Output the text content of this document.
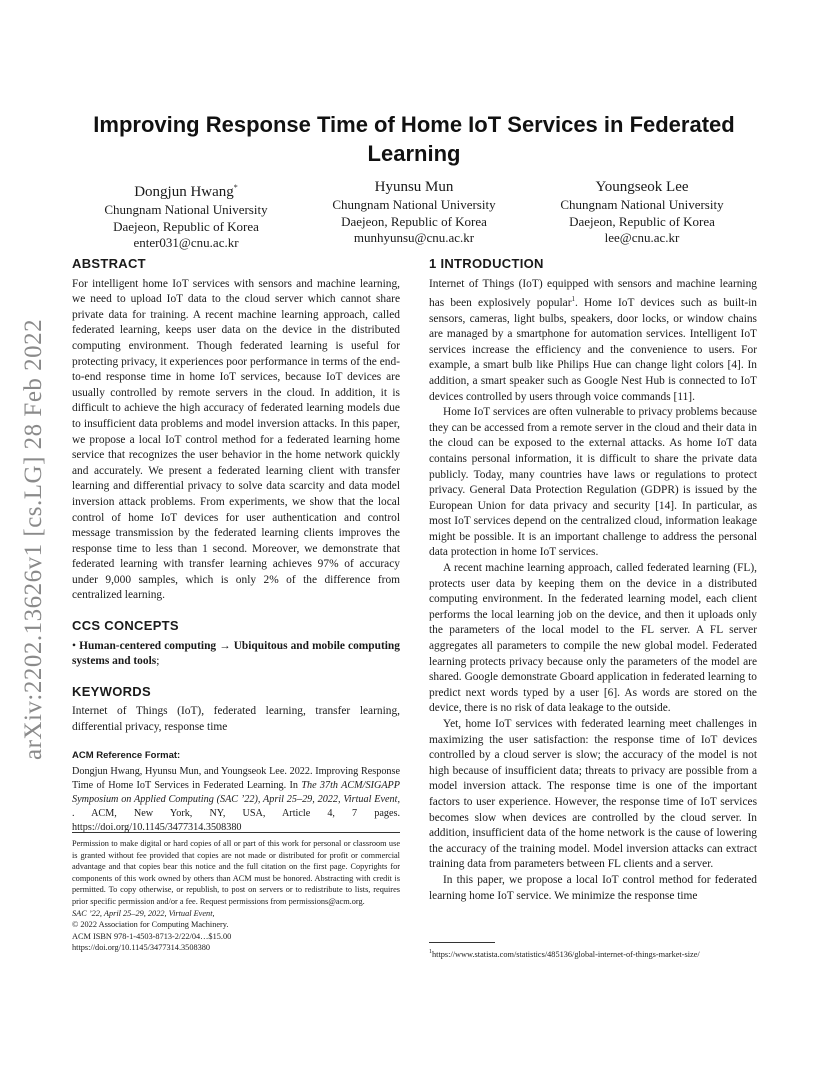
arXiv:2202.13626v1 [cs.LG] 28 Feb 2022
Improving Response Time of Home IoT Services in Federated Learning
Dongjun Hwang*
Chungnam National University
Daejeon, Republic of Korea
enter031@cnu.ac.kr
Hyunsu Mun
Chungnam National University
Daejeon, Republic of Korea
munhyunsu@cnu.ac.kr
Youngseok Lee
Chungnam National University
Daejeon, Republic of Korea
lee@cnu.ac.kr
ABSTRACT

For intelligent home IoT services with sensors and machine learning, we need to upload IoT data to the cloud server which cannot share private data for training. A recent machine learning approach, called federated learning, keeps user data on the device in the distributed computing environment. Though federated learning is useful for protecting privacy, it experiences poor performance in terms of the end-to-end response time in home IoT services, because IoT devices are usually controlled by remote servers in the cloud. In addition, it is difficult to achieve the high accuracy of federated learning models due to insufficient data problems and model inversion attacks. In this paper, we propose a local IoT control method for a federated learning home service that recognizes the user behavior in the home network quickly and accurately. We present a federated learning client with transfer learning and differential privacy to solve data scarcity and data model inversion attack problems. From experiments, we show that the local control of home IoT devices for user authentication and control message transmission by the federated learning clients improves the response time to less than 1 second. Moreover, we demonstrate that federated learning with transfer learning achieves 97% of accuracy under 9,000 samples, which is only 2% of the difference from centralized learning.

CCS CONCEPTS

• Human-centered computing → Ubiquitous and mobile computing systems and tools;

KEYWORDS

Internet of Things (IoT), federated learning, transfer learning, differential privacy, response time

ACM Reference Format:

Dongjun Hwang, Hyunsu Mun, and Youngseok Lee. 2022. Improving Response Time of Home IoT Services in Federated Learning. In The 37th ACM/SIGAPP Symposium on Applied Computing (SAC ’22), April 25–29, 2022, Virtual Event, . ACM, New York, NY, USA, Article 4, 7 pages. https://doi.org/10.1145/3477314.3508380

Permission to make digital or hard copies of all or part of this work for personal or classroom use is granted without fee provided that copies are not made or distributed for profit or commercial advantage and that copies bear this notice and the full citation on the first page. Copyrights for components of this work owned by others than ACM must be honored. Abstracting with credit is permitted. To copy otherwise, or republish, to post on servers or to redistribute to lists, requires prior specific permission and/or a fee. Request permissions from permissions@acm.org.

SAC ’22, April 25–29, 2022, Virtual Event,

© 2022 Association for Computing Machinery.

ACM ISBN 978-1-4503-8713-2/22/04…$15.00

https://doi.org/10.1145/3477314.3508380

1 INTRODUCTION

Internet of Things (IoT) equipped with sensors and machine learning has been explosively popular$^1$. Home IoT devices such as built-in sensors, cameras, light bulbs, speakers, door locks, or window chains are managed by a smartphone for automation services. Intelligent IoT services increase the efficiency and the convenience to users. For example, a smart bulb like Philips Hue can change light colors [4]. In addition, a smart speaker such as Google Nest Hub is connected to IoT devices controlled by users through voice commands [11].

Home IoT services are often vulnerable to privacy problems because they can be accessed from a remote server in the cloud and their data in the cloud can be exposed to the external attacks. As home IoT data contains personal information, it is difficult to share the private data publicly. Today, many countries have laws or regulations to protect privacy. General Data Protection Regulation (GDPR) is issued by the European Union for data privacy and security [14]. In particular, as most IoT services depend on the centralized cloud, information leakage might be possible. It is an important challenge to address the personal data protection in home IoT services.

A recent machine learning approach, called federated learning (FL), protects user data by keeping them on the device in a distributed computing environment. In the federated learning model, each client performs the local learning job on the device, and then it uploads only the parameters of the local model to the FL server. A FL server aggregates all parameters to compile the new global model. Federated learning protects privacy because only the parameters of the model are shared. Google demonstrate Gboard application in federated learning to predict next words typed by a user [6]. As words are stored on the device, there is no risk of data leakage to the outside.

Yet, home IoT services with federated learning meet challenges in maximizing the user satisfaction: the response time of IoT devices controlled by a cloud server is slow; the accuracy of the model is not high because of insufficient data; threats to privacy are possible from a model inversion attack. The response time is one of the important factors to user experience. However, the response time of IoT services becomes slow when devices are controlled by the cloud server. In addition, insufficient data of the home network is the cause of lowering the accuracy of the training model. Model inversion attacks can extract training data from parameters between FL clients and a server.

In this paper, we propose a local IoT control method for federated learning home IoT service. We minimize the response time

$^1$https://www.statista.com/statistics/485136/global-internet-of-things-market-size/
